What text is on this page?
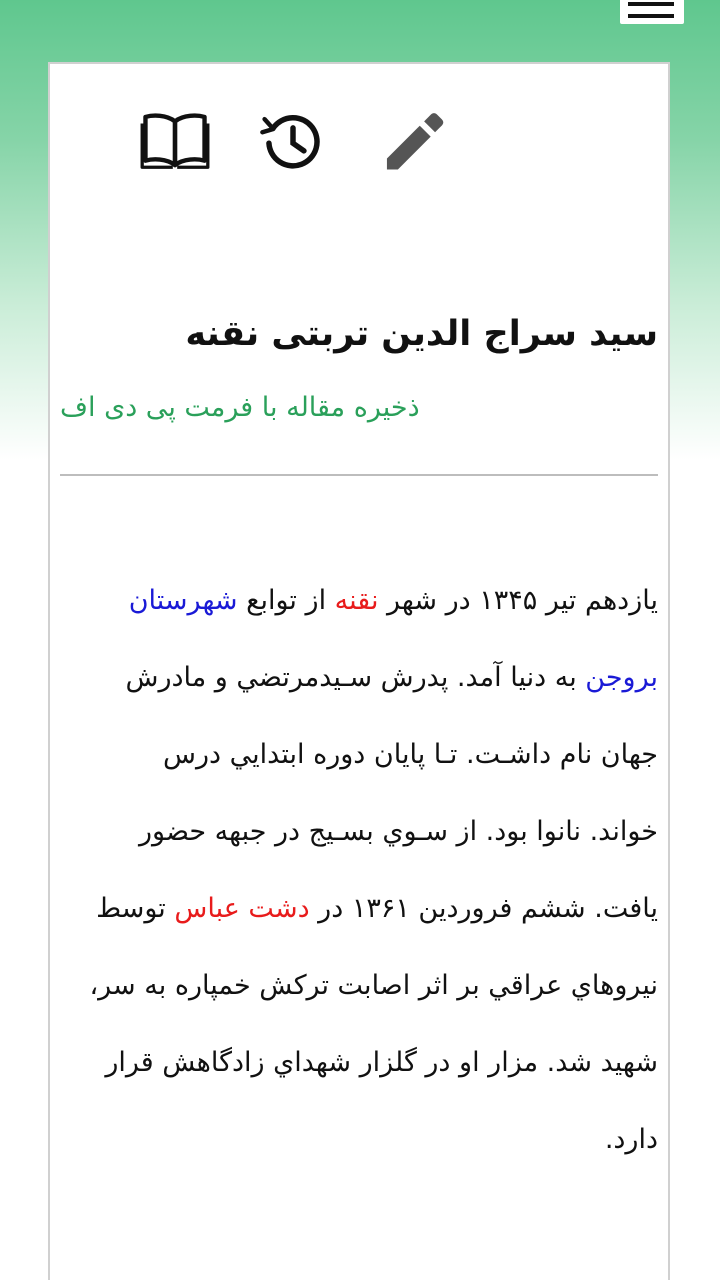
سید سراج الدین تربتی نقنه
ذخیره مقاله با فرمت پی دی اف
يازدهم تير ۱۳۴۵ در شهر نقنه از توابع شهرستان
بروجن به دنيا آمد. پدرش سـيدمرتضي و مادرش
جهان نام داشـت. تـا پايان دوره ابتدايي درس
خواند. نانوا بود. از سـوي بسـيج در جبهه حضور
يافت. ششم فروردين ۱۳۶۱ در دشت عباس توسط
نيروهاي عراقي بر اثر اصابت تركش خمپاره به سر،
شهيد شد. مزار او در گلزار شهداي زادگاهش قرار
دارد.
